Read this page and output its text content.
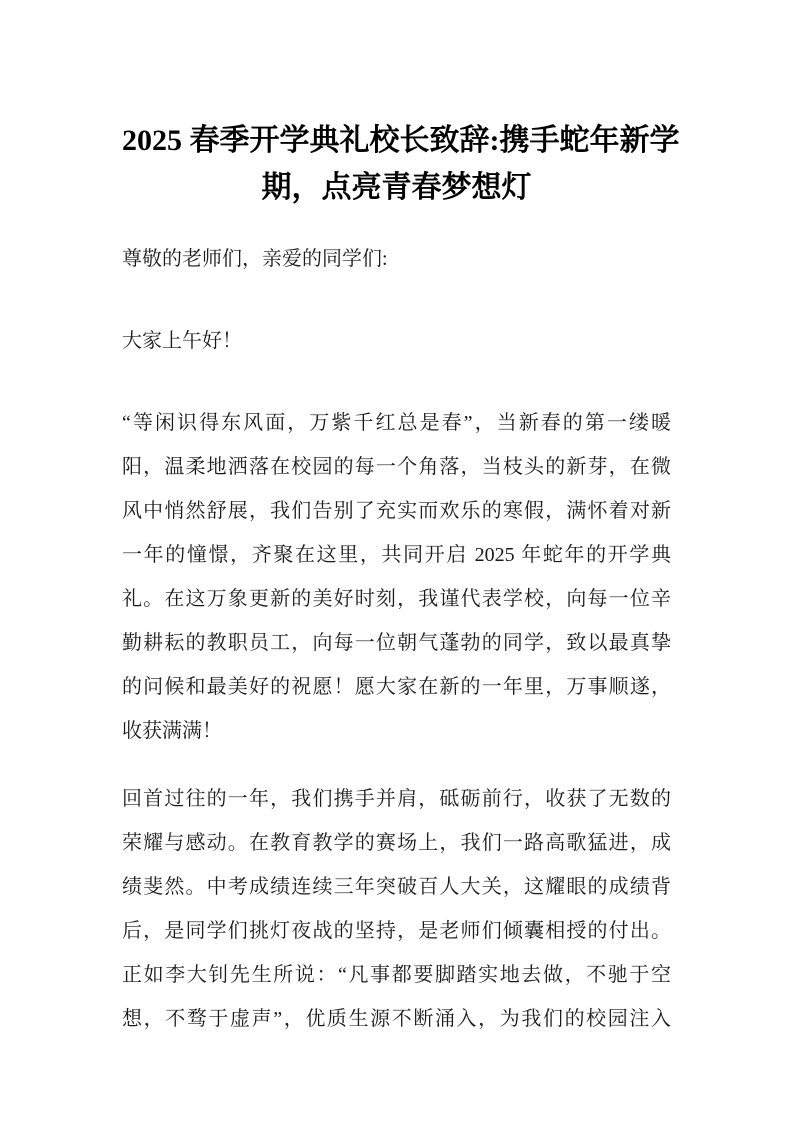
2025 春季开学典礼校长致辞:携手蛇年新学
期，点亮青春梦想灯
尊敬的老师们，亲爱的同学们:
大家上午好！
“等闲识得东风面，万紫千红总是春”，当新春的第一缕暖
阳，温柔地洒落在校园的每一个角落，当枝头的新芽，在微
风中悄然舒展，我们告别了充实而欢乐的寒假，满怀着对新
一年的憧憬，齐聚在这里，共同开启 2025 年蛇年的开学典
礼。在这万象更新的美好时刻，我谨代表学校，向每一位辛
勤耕耘的教职员工，向每一位朝气蓬勃的同学，致以最真挚
的问候和最美好的祝愿！愿大家在新的一年里，万事顺遂，
收获满满！
回首过往的一年，我们携手并肩，砥砺前行，收获了无数的
荣耀与感动。在教育教学的赛场上，我们一路高歌猛进，成
绩斐然。中考成绩连续三年突破百人大关，这耀眼的成绩背
后，是同学们挑灯夜战的坚持，是老师们倾囊相授的付出。
正如李大钊先生所说：“凡事都要脚踏实地去做，不驰于空
想，不骛于虚声”，优质生源不断涌入，为我们的校园注入
